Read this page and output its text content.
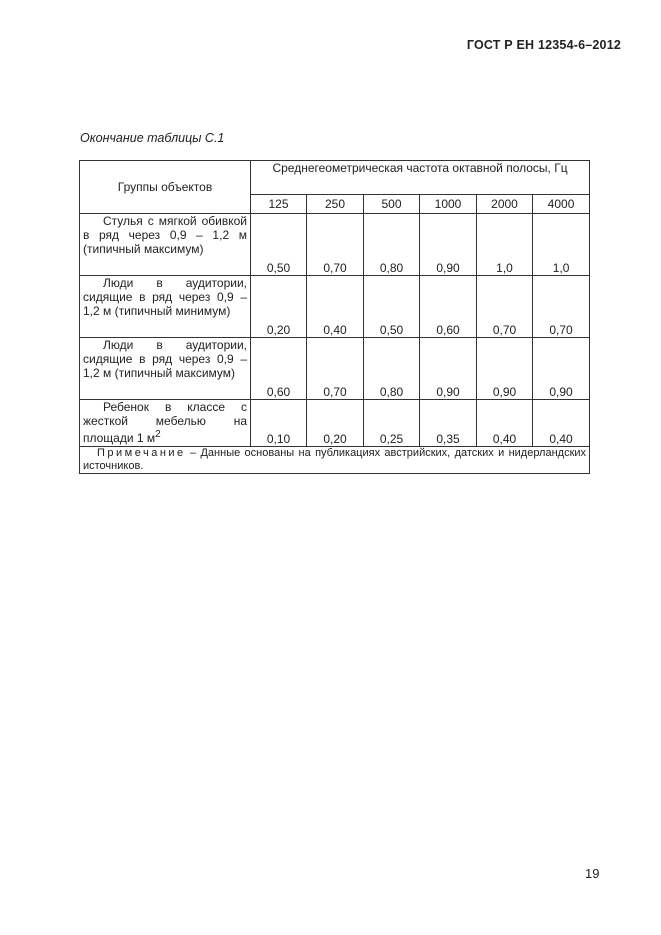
ГОСТ Р ЕН 12354-6–2012
Окончание таблицы С.1
Группы объектов	Среднегеометрическая частота октавной полосы, Гц					
	125	250	500	1000	2000	4000
Стулья с мягкой обивкой в ряд через 0,9 – 1,2 м (типичный максимум)	0,50	0,70	0,80	0,90	1,0	1,0
Люди в аудитории, сидящие в ряд через 0,9 – 1,2 м (типичный минимум)	0,20	0,40	0,50	0,60	0,70	0,70
Люди в аудитории, сидящие в ряд через 0,9 – 1,2 м (типичный максимум)	0,60	0,70	0,80	0,90	0,90	0,90
Ребенок в классе с жесткой мебелью на площади 1 $м^2$	0,10	0,20	0,25	0,35	0,40	0,40
Примечание – Данные основаны на публикациях австрийских, датских и нидерландских источников.						
19
